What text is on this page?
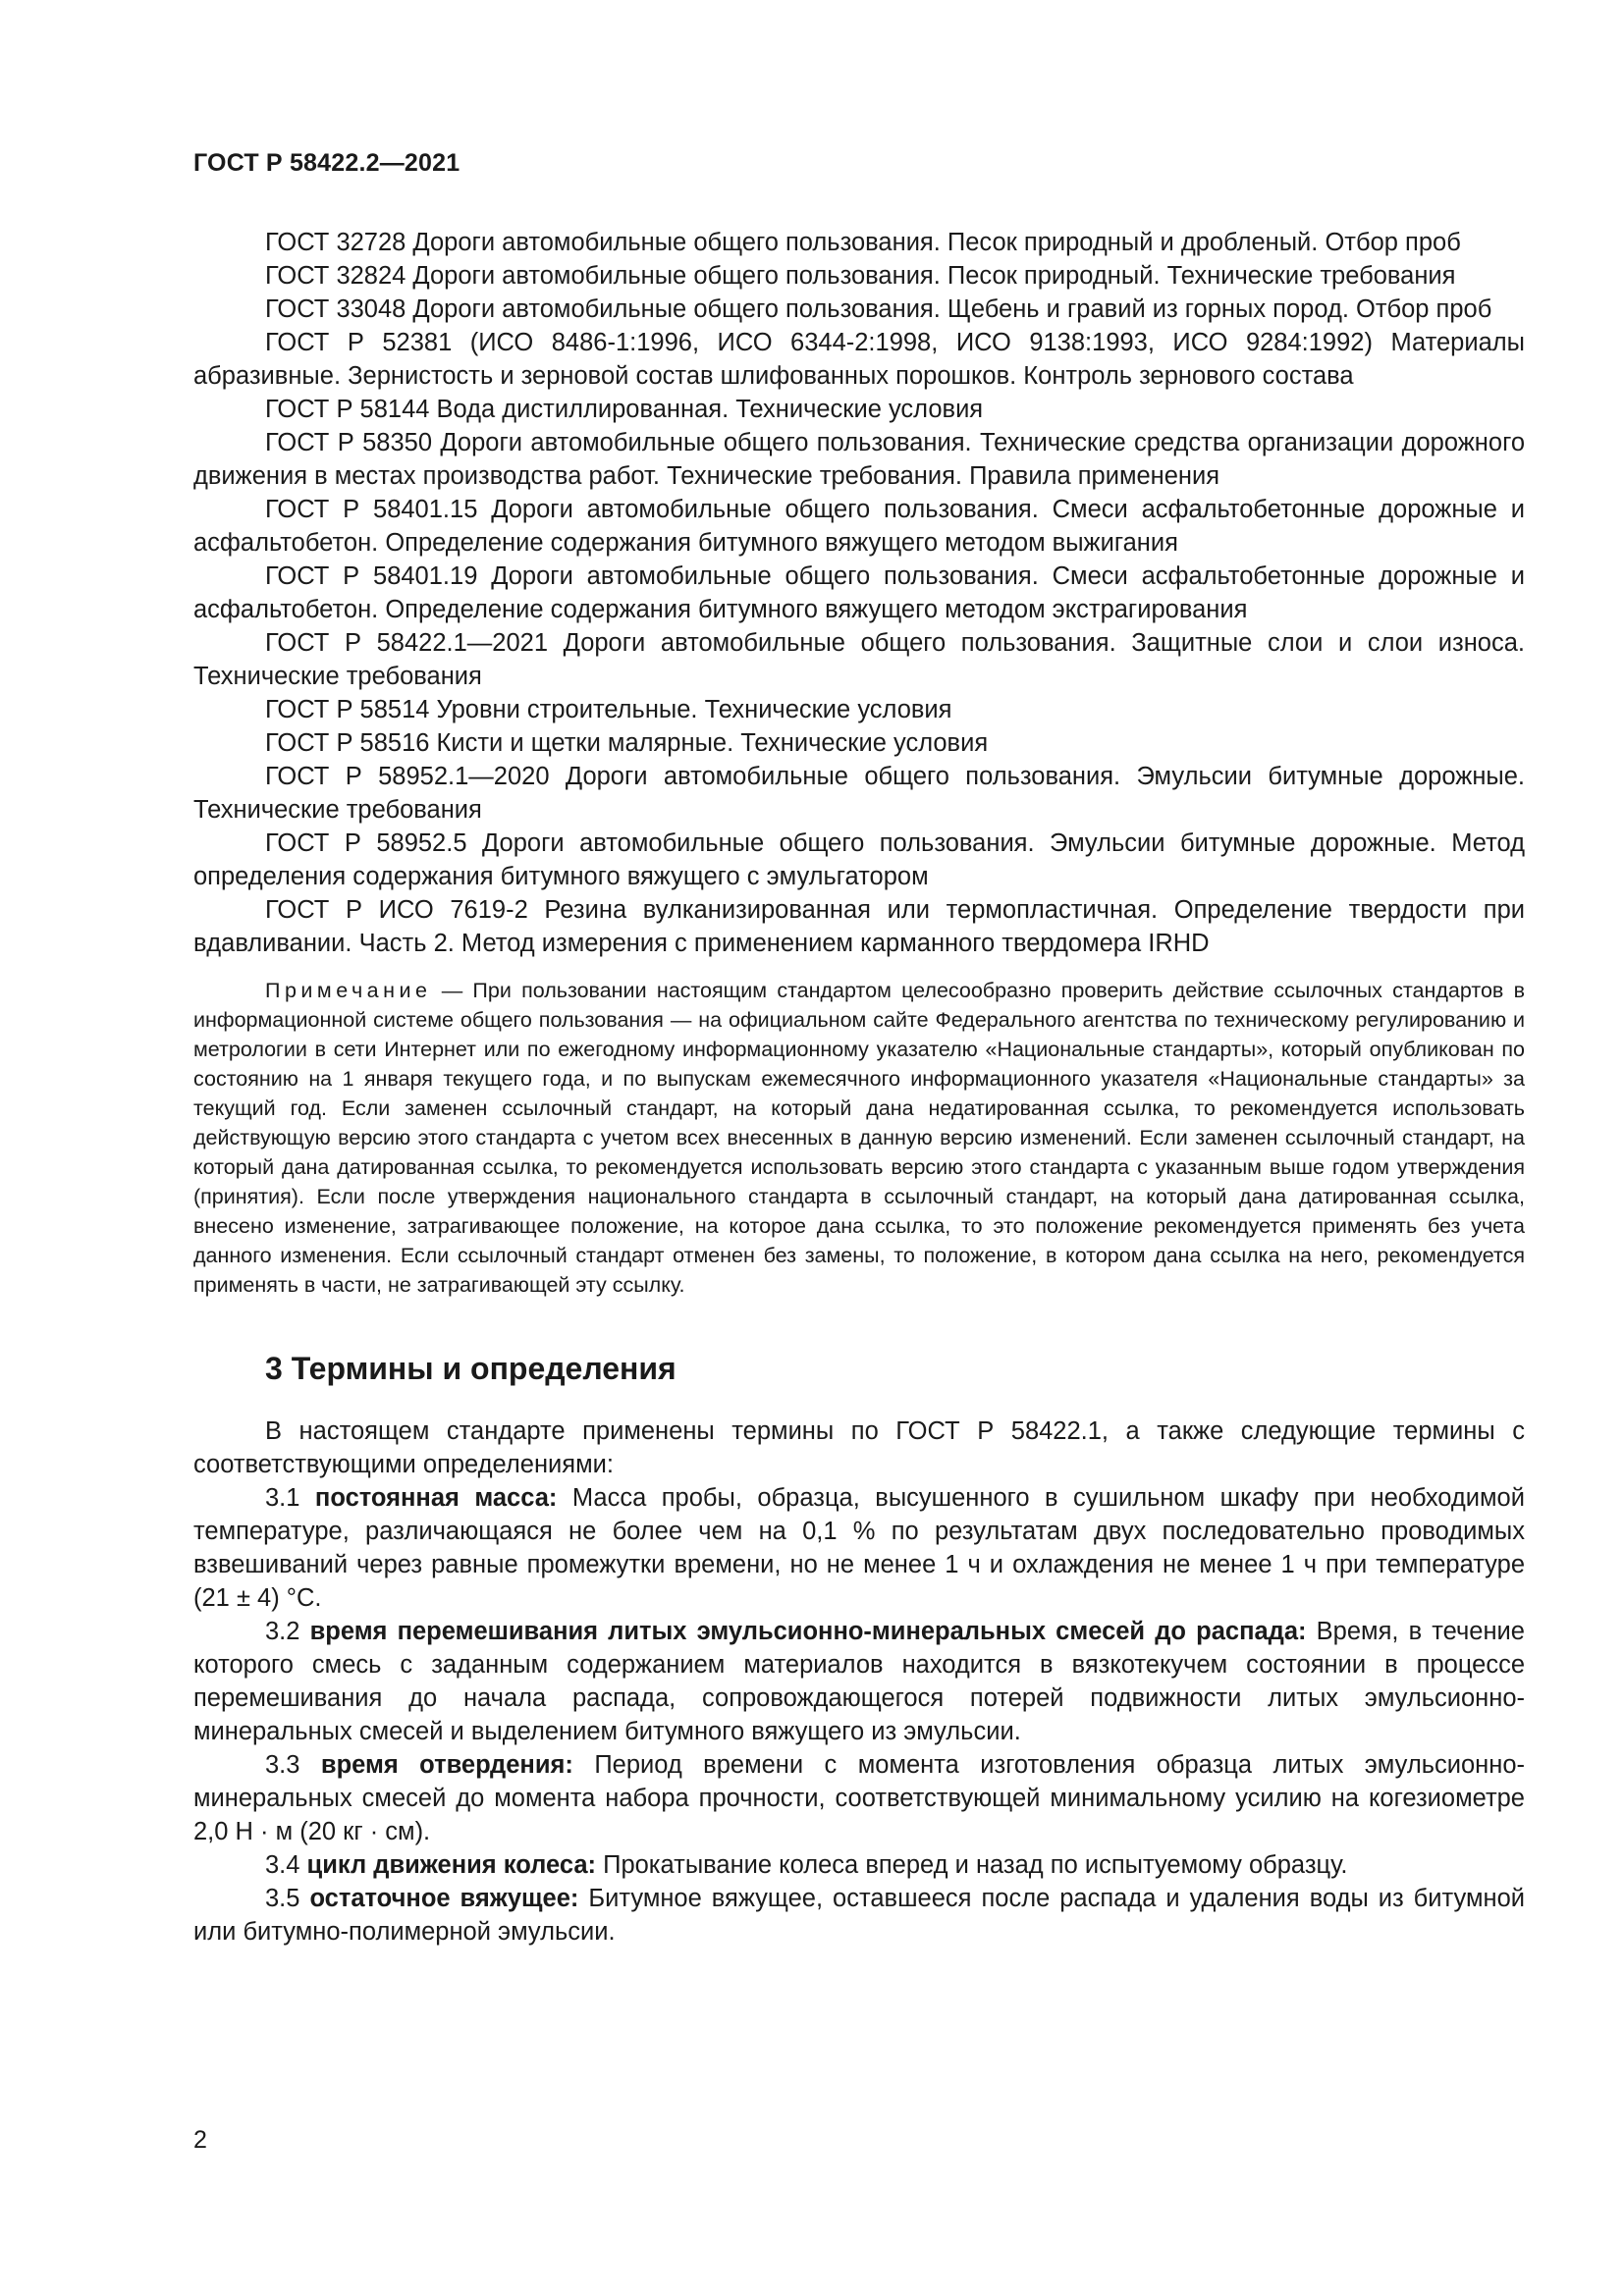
ГОСТ Р 58422.2—2021

ГОСТ 32728 Дороги автомобильные общего пользования. Песок природный и дробленый. Отбор проб

ГОСТ 32824 Дороги автомобильные общего пользования. Песок природный. Технические требования

ГОСТ 33048 Дороги автомобильные общего пользования. Щебень и гравий из горных пород. Отбор проб

ГОСТ Р 52381 (ИСО 8486-1:1996, ИСО 6344-2:1998, ИСО 9138:1993, ИСО 9284:1992) Материалы абразивные. Зернистость и зерновой состав шлифованных порошков. Контроль зернового состава

ГОСТ Р 58144 Вода дистиллированная. Технические условия

ГОСТ Р 58350 Дороги автомобильные общего пользования. Технические средства организации дорожного движения в местах производства работ. Технические требования. Правила применения

ГОСТ Р 58401.15 Дороги автомобильные общего пользования. Смеси асфальтобетонные дорожные и асфальтобетон. Определение содержания битумного вяжущего методом выжигания

ГОСТ Р 58401.19 Дороги автомобильные общего пользования. Смеси асфальтобетонные дорожные и асфальтобетон. Определение содержания битумного вяжущего методом экстрагирования

ГОСТ Р 58422.1—2021 Дороги автомобильные общего пользования. Защитные слои и слои износа. Технические требования

ГОСТ Р 58514 Уровни строительные. Технические условия

ГОСТ Р 58516 Кисти и щетки малярные. Технические условия

ГОСТ Р 58952.1—2020 Дороги автомобильные общего пользования. Эмульсии битумные дорожные. Технические требования

ГОСТ Р 58952.5 Дороги автомобильные общего пользования. Эмульсии битумные дорожные. Метод определения содержания битумного вяжущего с эмульгатором

ГОСТ Р ИСО 7619-2 Резина вулканизированная или термопластичная. Определение твердости при вдавливании. Часть 2. Метод измерения с применением карманного твердомера IRHD

Примечание — При пользовании настоящим стандартом целесообразно проверить действие ссылочных стандартов в информационной системе общего пользования — на официальном сайте Федерального агентства по техническому регулированию и метрологии в сети Интернет или по ежегодному информационному указателю «Национальные стандарты», который опубликован по состоянию на 1 января текущего года, и по выпускам ежемесячного информационного указателя «Национальные стандарты» за текущий год. Если заменен ссылочный стандарт, на который дана недатированная ссылка, то рекомендуется использовать действующую версию этого стандарта с учетом всех внесенных в данную версию изменений. Если заменен ссылочный стандарт, на который дана датированная ссылка, то рекомендуется использовать версию этого стандарта с указанным выше годом утверждения (принятия). Если после утверждения национального стандарта в ссылочный стандарт, на который дана датированная ссылка, внесено изменение, затрагивающее положение, на которое дана ссылка, то это положение рекомендуется применять без учета данного изменения. Если ссылочный стандарт отменен без замены, то положение, в котором дана ссылка на него, рекомендуется применять в части, не затрагивающей эту ссылку.

3 Термины и определения

В настоящем стандарте применены термины по ГОСТ Р 58422.1, а также следующие термины с соответствующими определениями:

3.1 постоянная масса: Масса пробы, образца, высушенного в сушильном шкафу при необходимой температуре, различающаяся не более чем на 0,1 % по результатам двух последовательно проводимых взвешиваний через равные промежутки времени, но не менее 1 ч и охлаждения не менее 1 ч при температуре (21 ± 4) °С.

3.2 время перемешивания литых эмульсионно-минеральных смесей до распада: Время, в течение которого смесь с заданным содержанием материалов находится в вязкотекучем состоянии в процессе перемешивания до начала распада, сопровождающегося потерей подвижности литых эмульсионно-минеральных смесей и выделением битумного вяжущего из эмульсии.

3.3 время отвердения: Период времени с момента изготовления образца литых эмульсионно-минеральных смесей до момента набора прочности, соответствующей минимальному усилию на когезиометре 2,0 Н · м (20 кг · см).

3.4 цикл движения колеса: Прокатывание колеса вперед и назад по испытуемому образцу.

3.5 остаточное вяжущее: Битумное вяжущее, оставшееся после распада и удаления воды из битумной или битумно-полимерной эмульсии.

2
